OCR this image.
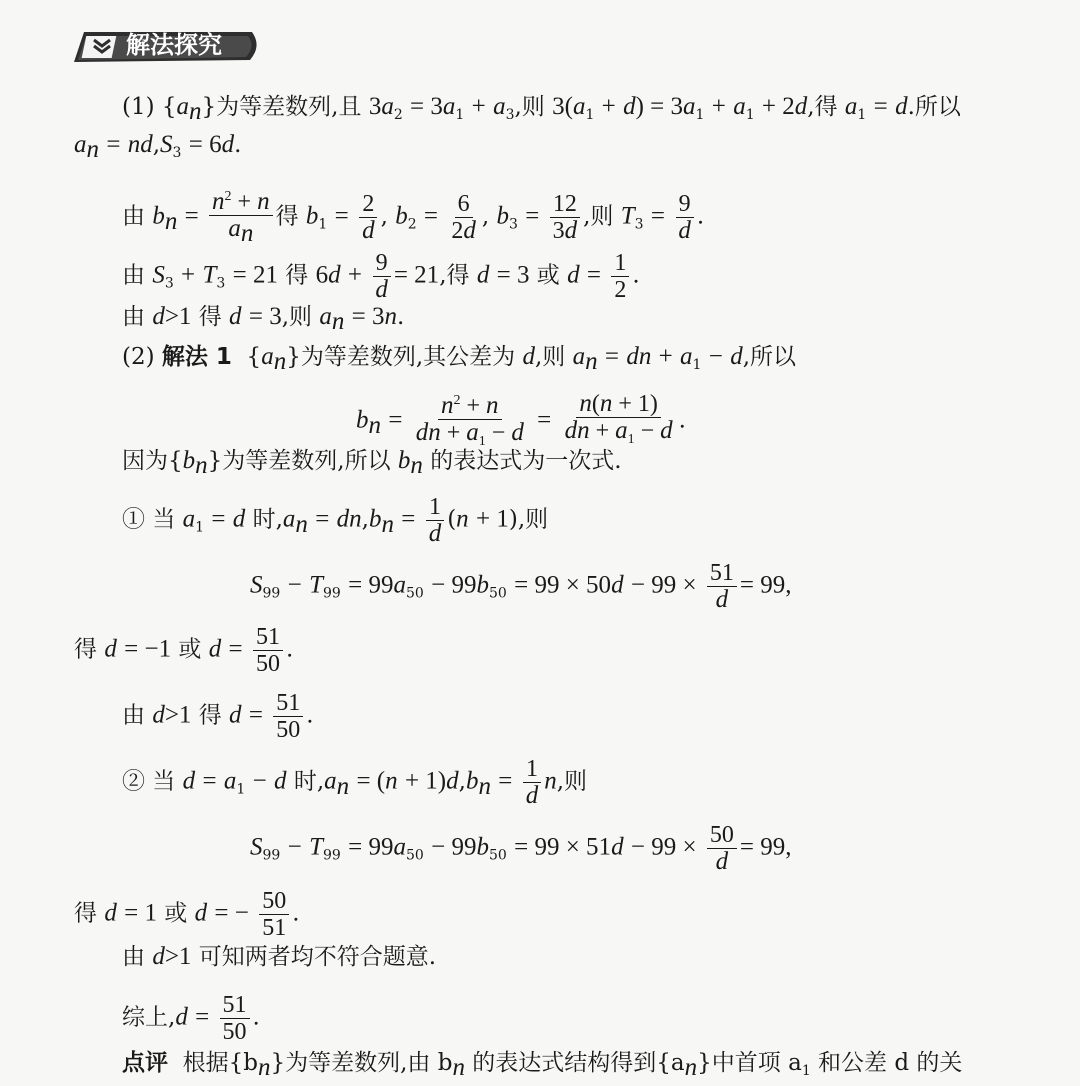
解法探究
(1) $\{a_n\}$为等差数列,且 $3a_2 = 3a_1 + a_3$,则 $3(a_1 + d) = 3a_1 + a_1 + 2d$,得 $a_1 = d$.所以
$a_n = nd,S_3 = 6d$.
由 $b_n = \frac{n^2 + n}{a_n}$ 得 $b_1 = \frac{2}{d}$ , $b_2 = \frac{6}{2d}$ , $b_3 = \frac{12}{3d}$ ,则 $T_3 = \frac{9}{d}$ .
由 $S_3 + T_3 = 21$ 得 $6d + \frac{9}{d} = 21$,得 d = 3 或 $d = \frac{1}{2}$ .
由 d>1 得 d = 3,则 $a_n = 3n$.
(2) 解法 1  $\{a_n\}$为等差数列,其公差为 d,则 $a_n$ = dn + $a_1 - d$,所以
$b_n = \frac{n^2 + n}{dn + a_1 - d} = \frac{n(n + 1)}{dn + a_1 - d}$ .
因为$\{b_n\}$为等差数列,所以 $b_n$ 的表达式为一次式.
① 当 $a_1 = d$ 时$,a_n = dn,b_n = \frac{1}{d} (n + 1)$,则
$S_{99} - T_{99} = 99a_{50} - 99b_{50} = 99 \times 50d - 99 \times \frac{51}{d} = 99$,
得 d = −1 或 $d = \frac{51}{50}$ .
由 d>1 得 $d = \frac{51}{50}$ .
② 当 $d = a_1 - d$ 时$,a_n = (n + 1)d,b_n = \frac{1}{d} n$,则
$S_{99} - T_{99} = 99a_{50} - 99b_{50} = 99 \times 51d - 99 \times \frac{50}{d} = 99$,
得 d = 1 或 d = − $\frac{50}{51}$ .
由 d>1 可知两者均不符合题意.
综上$,d = \frac{51}{50}$ .
点评 根据$\{b_n\}$为等差数列,由 $b_n$ 的表达式结构得到$\{a_n\}$中首项 $a_1$ 和公差 d 的关
